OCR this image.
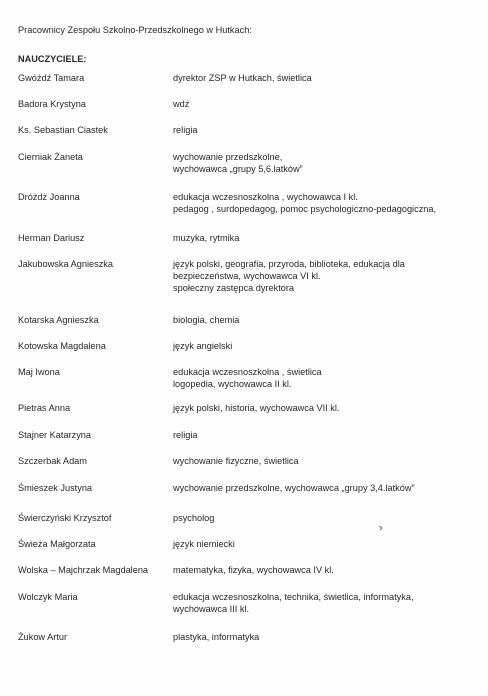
Pracownicy Zespołu Szkolno-Przedszkolnego w Hutkach:
NAUCZYCIELE:
Gwóźdź Tamara	dyrektor ZSP w Hutkach, świetlica
Badora Krystyna	wdż
Ks. Sebastian Ciastek	religia
Cierniak Żaneta	wychowanie przedszkolne,
wychowawca „grupy 5,6.latków”
Dróżdż Joanna	edukacja wczesnoszkolna , wychowawca I kl.
pedagog , surdopedagog, pomoc psychologiczno-pedagogiczna,
Herman Dariusz	muzyka, rytmika
Jakubowska Agnieszka	język polski, geografia, przyroda, biblioteka, edukacja dla
bezpieczeństwa, wychowawca VI kl.
społeczny zastępca dyrektora
Kotarska Agnieszka	biologia, chemia
Kotowska Magdalena	język angielski
Maj Iwona	edukacja wczesnoszkolna , świetlica
logopedia, wychowawca II kl.
Pietras Anna	język polski, historia, wychowawca VII kl.
Stajner Katarzyna	religia
Szczerbak Adam	wychowanie fizyczne, świetlica
Śmieszek Justyna	wychowanie przedszkolne, wychowawca „grupy 3,4.latków”
Świerczyński Krzysztof	psycholog
Świeża Małgorzata	język niemiecki
Wolska – Majchrzak Magdalena	matematyka, fizyka, wychowawca IV kl.
Wolczyk Maria	edukacja wczesnoszkolna, technika, świetlica, informatyka,
wychowawca III kl.
Żukow Artur	plastyka, informatyka
